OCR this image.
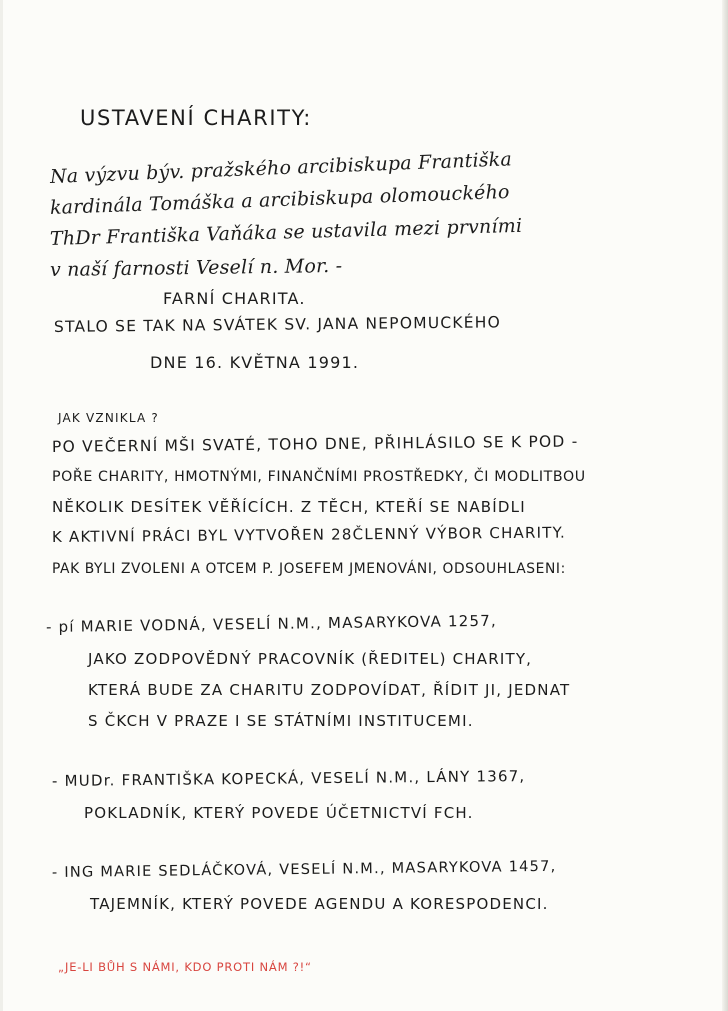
USTAVENÍ CHARITY:

Na výzvu býv. pražského arcibiskupa Františka

kardinála Tomáška a arcibiskupa olomouckého

ThDr Františka Vaňáka se ustavila mezi prvními

v naší farnosti Veselí n. Mor. -

FARNÍ CHARITA.

STALO SE TAK NA SVÁTEK SV. JANA NEPOMUCKÉHO

DNE 16. KVĚTNA 1991.

JAK VZNIKLA ?

PO VEČERNÍ MŠI SVATÉ, TOHO DNE, PŘIHLÁSILO SE K POD -

POŘE CHARITY, HMOTNÝMI, FINANČNÍMI PROSTŘEDKY, ČI MODLITBOU

NĚKOLIK DESÍTEK VĚŘÍCÍCH. Z TĚCH, KTEŘÍ SE NABÍDLI

K AKTIVNÍ PRÁCI BYL VYTVOŘEN 28ČLENNÝ VÝBOR CHARITY.

PAK BYLI ZVOLENI A OTCEM P. JOSEFEM JMENOVÁNI, ODSOUHLASENI:

- pí MARIE VODNÁ, VESELÍ N.M., MASARYKOVA 1257,

JAKO ZODPOVĚDNÝ PRACOVNÍK (ŘEDITEL) CHARITY,

KTERÁ BUDE ZA CHARITU ZODPOVÍDAT, ŘÍDIT JI, JEDNAT

S ČKCH V PRAZE I SE STÁTNÍMI INSTITUCEMI.

- MUDr. FRANTIŠKA KOPECKÁ, VESELÍ N.M., LÁNY 1367,

POKLADNÍK, KTERÝ POVEDE ÚČETNICTVÍ FCH.

- ING MARIE SEDLÁČKOVÁ, VESELÍ N.M., MASARYKOVA 1457,

TAJEMNÍK, KTERÝ POVEDE AGENDU A KORESPODENCI.

„JE-LI BŮH S NÁMI, KDO PROTI NÁM ?!“
